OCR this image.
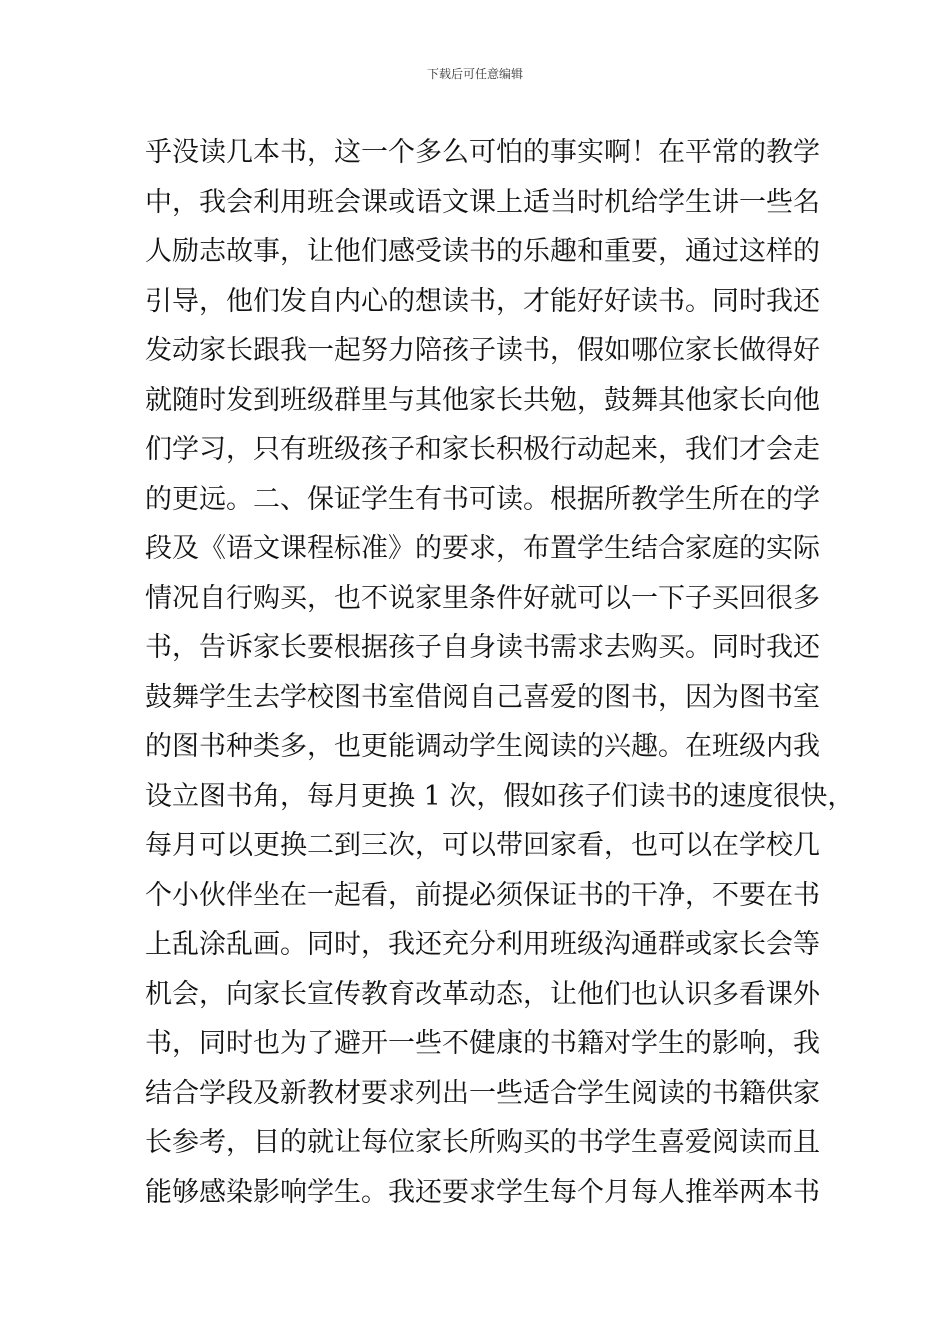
下载后可任意编辑
乎没读几本书，这一个多么可怕的事实啊！在平常的教学
中，我会利用班会课或语文课上适当时机给学生讲一些名
人励志故事，让他们感受读书的乐趣和重要，通过这样的
引导，他们发自内心的想读书，才能好好读书。同时我还
发动家长跟我一起努力陪孩子读书，假如哪位家长做得好
就随时发到班级群里与其他家长共勉，鼓舞其他家长向他
们学习，只有班级孩子和家长积极行动起来，我们才会走
的更远。二、保证学生有书可读。根据所教学生所在的学
段及《语文课程标准》的要求，布置学生结合家庭的实际
情况自行购买，也不说家里条件好就可以一下子买回很多
书，告诉家长要根据孩子自身读书需求去购买。同时我还
鼓舞学生去学校图书室借阅自己喜爱的图书，因为图书室
的图书种类多，也更能调动学生阅读的兴趣。在班级内我
设立图书角，每月更换 1 次，假如孩子们读书的速度很快，
每月可以更换二到三次，可以带回家看，也可以在学校几
个小伙伴坐在一起看，前提必须保证书的干净，不要在书
上乱涂乱画。同时，我还充分利用班级沟通群或家长会等
机会，向家长宣传教育改革动态，让他们也认识多看课外
书，同时也为了避开一些不健康的书籍对学生的影响，我
结合学段及新教材要求列出一些适合学生阅读的书籍供家
长参考，目的就让每位家长所购买的书学生喜爱阅读而且
能够感染影响学生。我还要求学生每个月每人推举两本书
